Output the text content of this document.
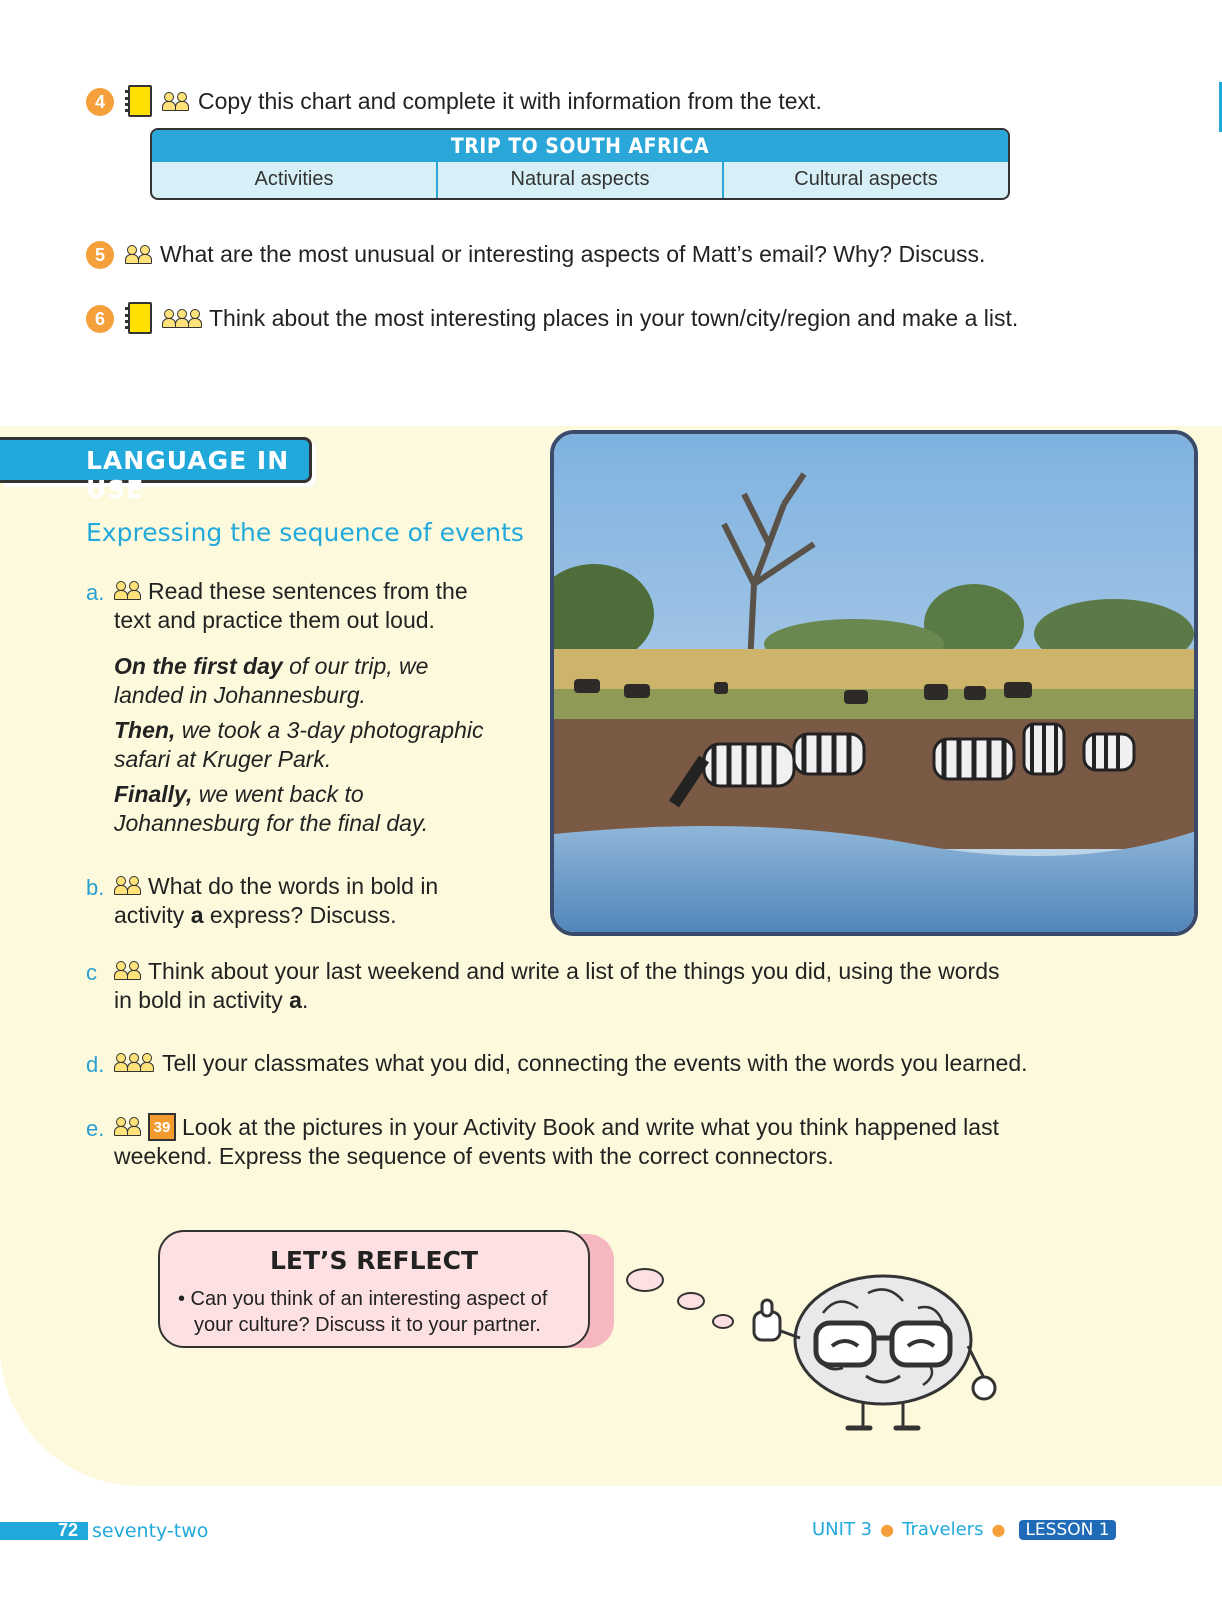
4	Copy this chart and complete it with information from the text.
TRIP TO SOUTH AFRICA
Activities	Natural aspects	Cultural aspects
5 What are the most unusual or interesting aspects of Matt’s email? Why? Discuss.
6	Think about the most interesting places in your town/city/region and make a list.
LANGUAGE IN USE
Expressing the sequence of events
a. Read these sentences from the
text and practice them out loud.
On the first day of our trip, we
landed in Johannesburg.
Then, we took a 3-day photographic
safari at Kruger Park.
Finally, we went back to
Johannesburg for the final day.
b. What do the words in bold in
activity a express? Discuss.
c Think about your last weekend and write a list of the things you did, using the words
in bold in activity a.
d.	Tell your classmates what you did, connecting the events with the words you learned.
e.	39 Look at the pictures in your Activity Book and write what you think happened last
weekend. Express the sequence of events with the correct connectors.
LET’S REFLECT
• Can you think of an interesting aspect of
your culture? Discuss it to your partner.
72 seventy-two	UNIT 3 ● Travelers ●	LESSON 1
